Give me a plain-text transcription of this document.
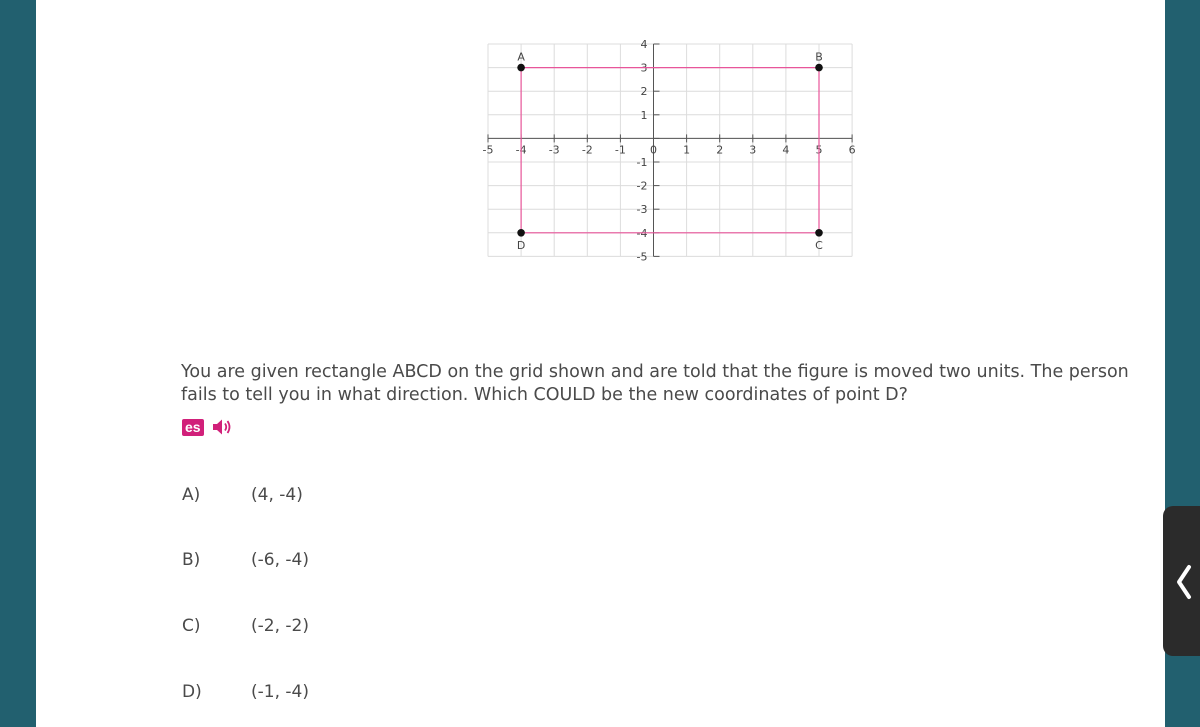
-5 -4 -3 -2 -1 0 1 2 3 4 5 6
4
3
2
1
-1
-2
-3
-4
-5
A	B
C
D

You are given rectangle ABCD on the grid shown and are told that the figure is moved two units. The person fails to tell you in what direction. Which COULD be the new coordinates of point D?

es
A)	(4, -4)
B)	(-6, -4)
C)	(-2, -2)
D)	(-1, -4)
